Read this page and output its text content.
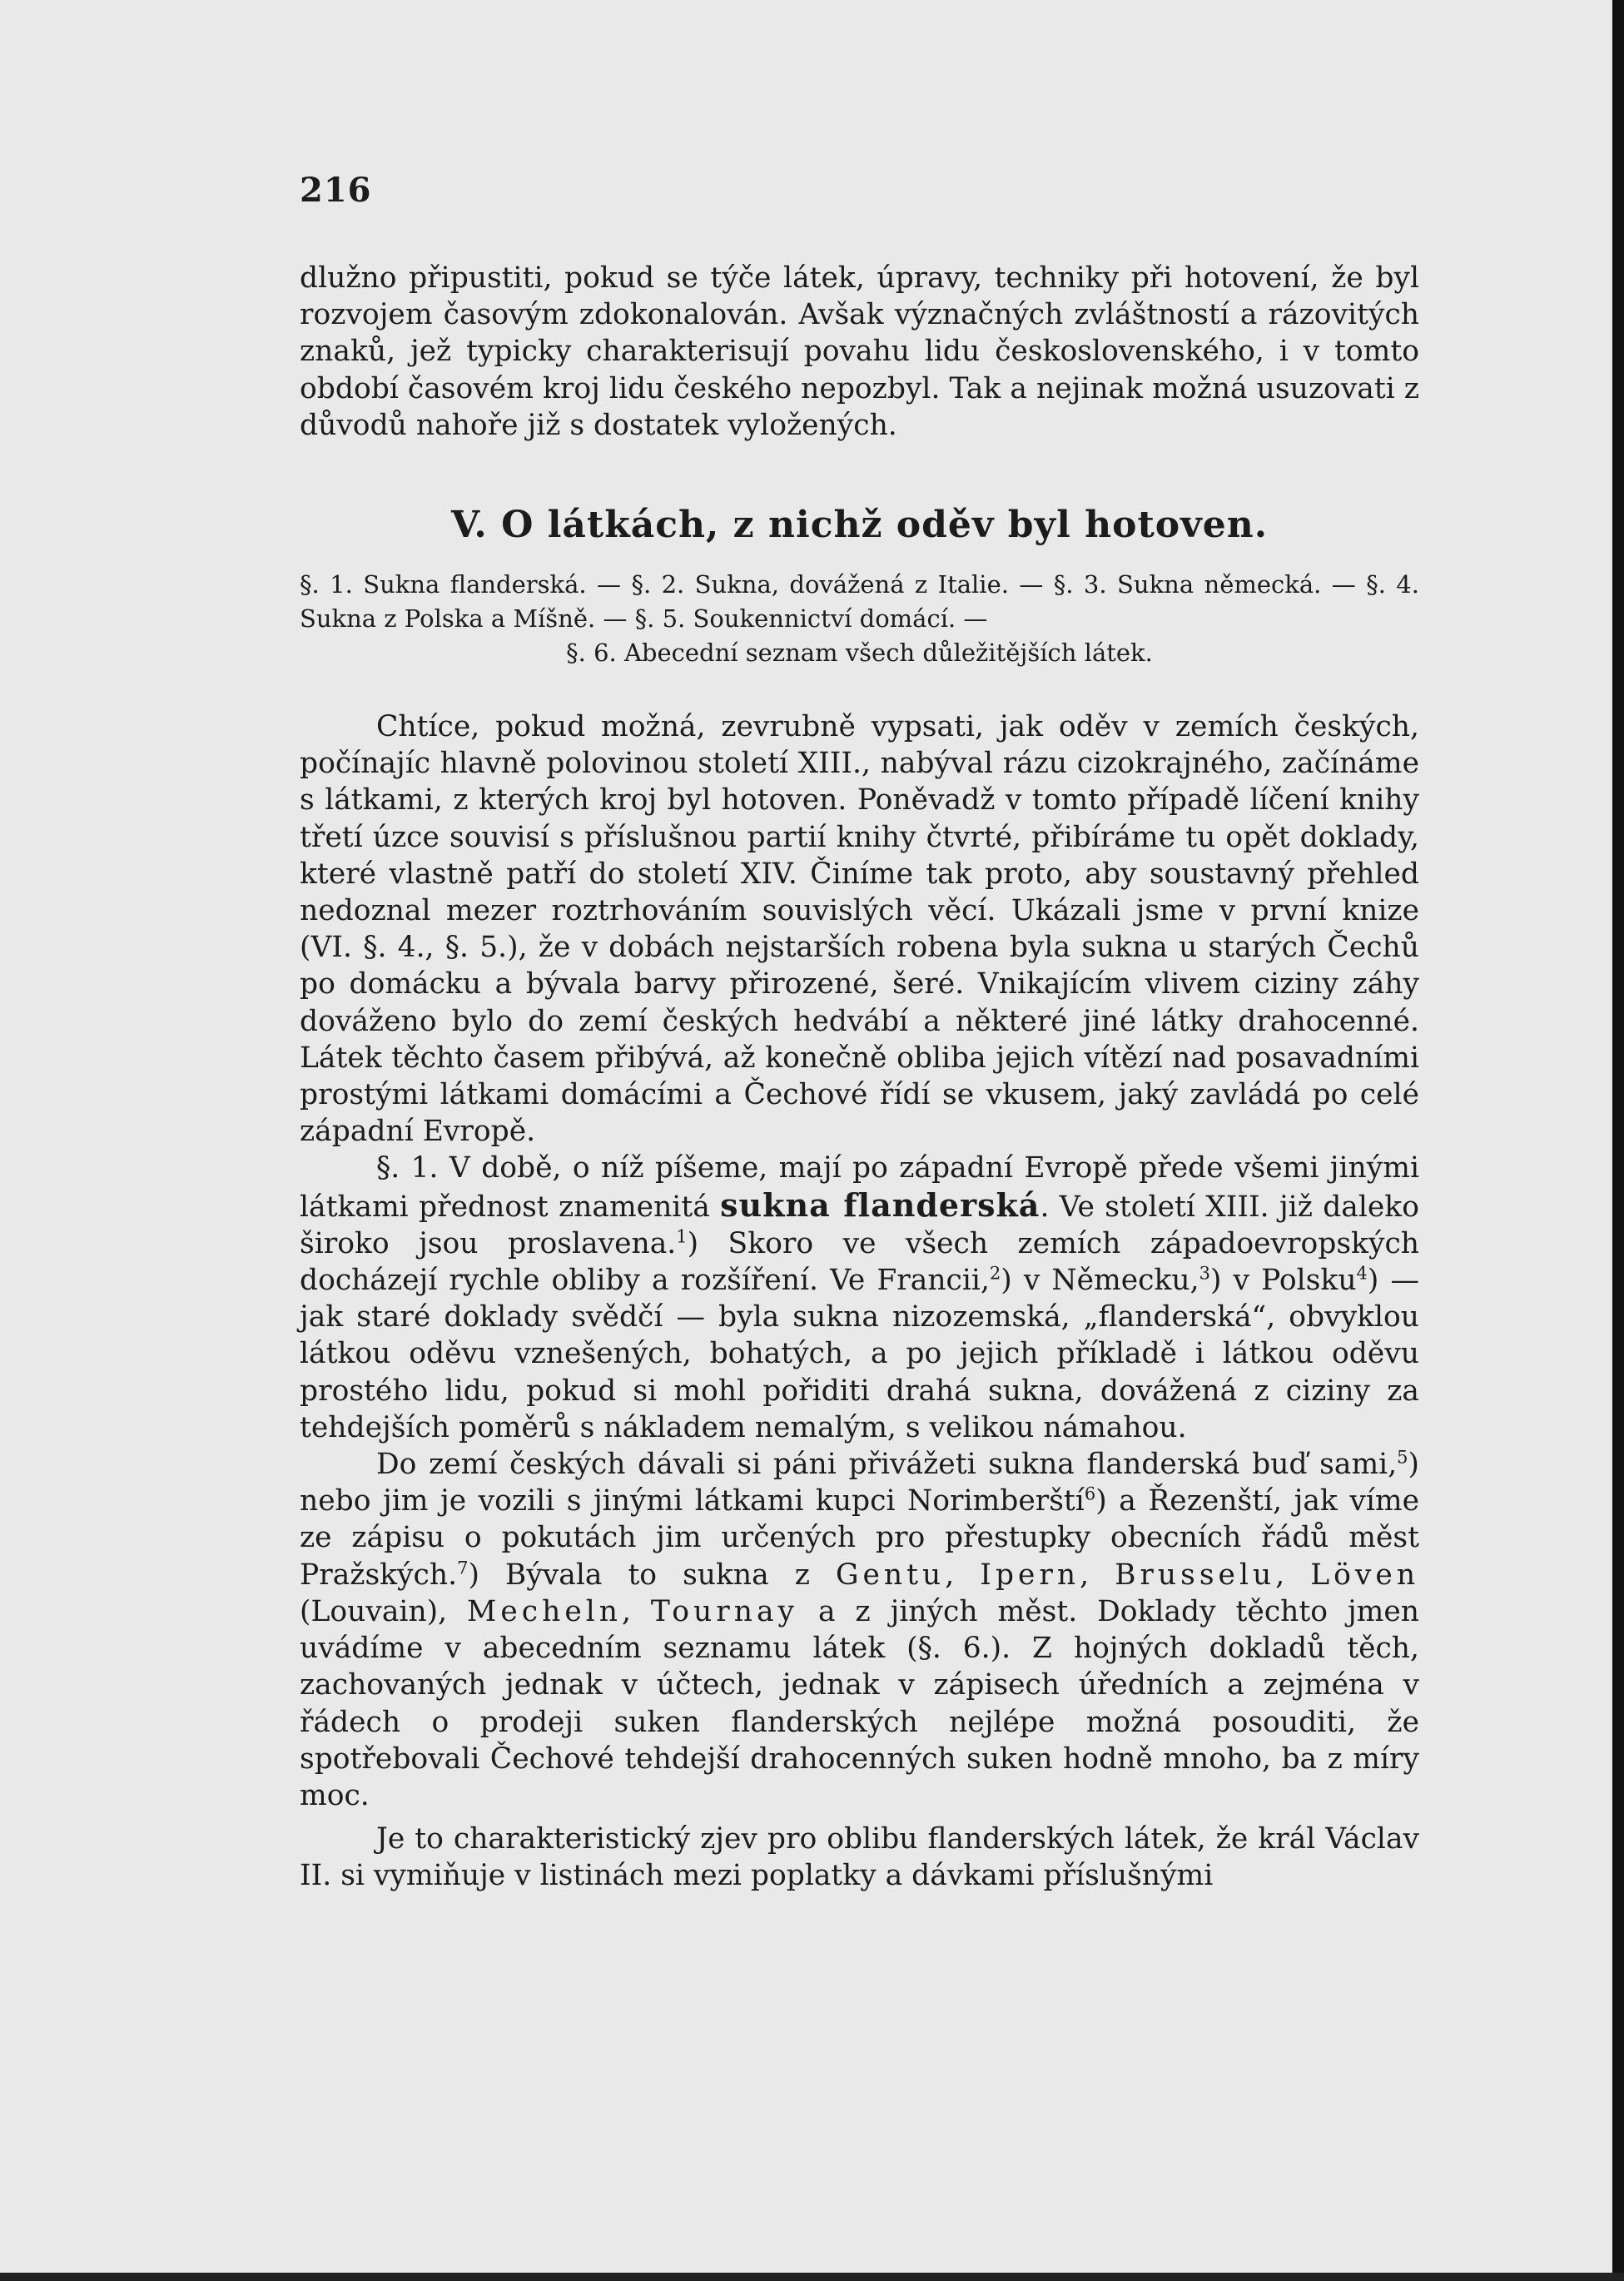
216

dlužno připustiti, pokud se týče látek, úpravy, techniky při hotovení, že byl rozvojem časovým zdokonalován. Avšak význačných zvláštností a rázovitých znaků, jež typicky charakterisují povahu lidu československého, i v tomto období časovém kroj lidu českého nepozbyl. Tak a nejinak možná usuzovati z důvodů nahoře již s dostatek vyložených.

V. O látkách, z nichž oděv byl hotoven.
§. 1. Sukna flanderská. — §. 2. Sukna, dovážená z Italie. — §. 3. Sukna německá. — §. 4. Sukna z Polska a Míšně. — §. 5. Soukennictví domácí. —
§. 6. Abecední seznam všech důležitějších látek.

Chtíce, pokud možná, zevrubně vypsati, jak oděv v zemích českých, počínajíc hlavně polovinou století XIII., nabýval rázu cizokrajného, začínáme s látkami, z kterých kroj byl hotoven. Poněvadž v tomto případě líčení knihy třetí úzce souvisí s příslušnou partií knihy čtvrté, přibíráme tu opět doklady, které vlastně patří do století XIV. Činíme tak proto, aby soustavný přehled nedoznal mezer roztrhováním souvislých věcí. Ukázali jsme v první knize (VI. §. 4., §. 5.), že v dobách nejstarších robena byla sukna u starých Čechů po domácku a bývala barvy přirozené, šeré. Vnikajícím vlivem ciziny záhy dováženo bylo do zemí českých hedvábí a některé jiné látky drahocenné. Látek těchto časem přibývá, až konečně obliba jejich vítězí nad posavadními prostými látkami domácími a Čechové řídí se vkusem, jaký zavládá po celé západní Evropě.

§. 1. V době, o níž píšeme, mají po západní Evropě přede všemi jinými látkami přednost znamenitá sukna flanderská. Ve století XIII. již daleko široko jsou proslavena.$^1$) Skoro ve všech zemích západoevropských docházejí rychle obliby a rozšíření. Ve Francii,$^2$) v Německu,$^3$) v Polsku$^4$) — jak staré doklady svědčí — byla sukna nizozemská, „flanderská“, obvyklou látkou oděvu vznešených, bohatých, a po jejich příkladě i látkou oděvu prostého lidu, pokud si mohl pořiditi drahá sukna, dovážená z ciziny za tehdejších poměrů s nákladem nemalým, s velikou námahou.

Do zemí českých dávali si páni přivážeti sukna flanderská buď sami,$^5$) nebo jim je vozili s jinými látkami kupci Norimberští$^6$) a Řezenští, jak víme ze zápisu o pokutách jim určených pro přestupky obecních řádů měst Pražských.$^7$) Bývala to sukna z Gentu, Ipern, Brusselu, Löven (Louvain), Mecheln, Tournay a z jiných měst. Doklady těchto jmen uvádíme v abecedním seznamu látek (§. 6.). Z hojných dokladů těch, zachovaných jednak v účtech, jednak v zápisech úředních a zejména v řádech o prodeji suken flanderských nejlépe možná posouditi, že spotřebovali Čechové tehdejší drahocenných suken hodně mnoho, ba z míry moc.

Je to charakteristický zjev pro oblibu flanderských látek, že král Václav II. si vymiňuje v listinách mezi poplatky a dávkami příslušnými
